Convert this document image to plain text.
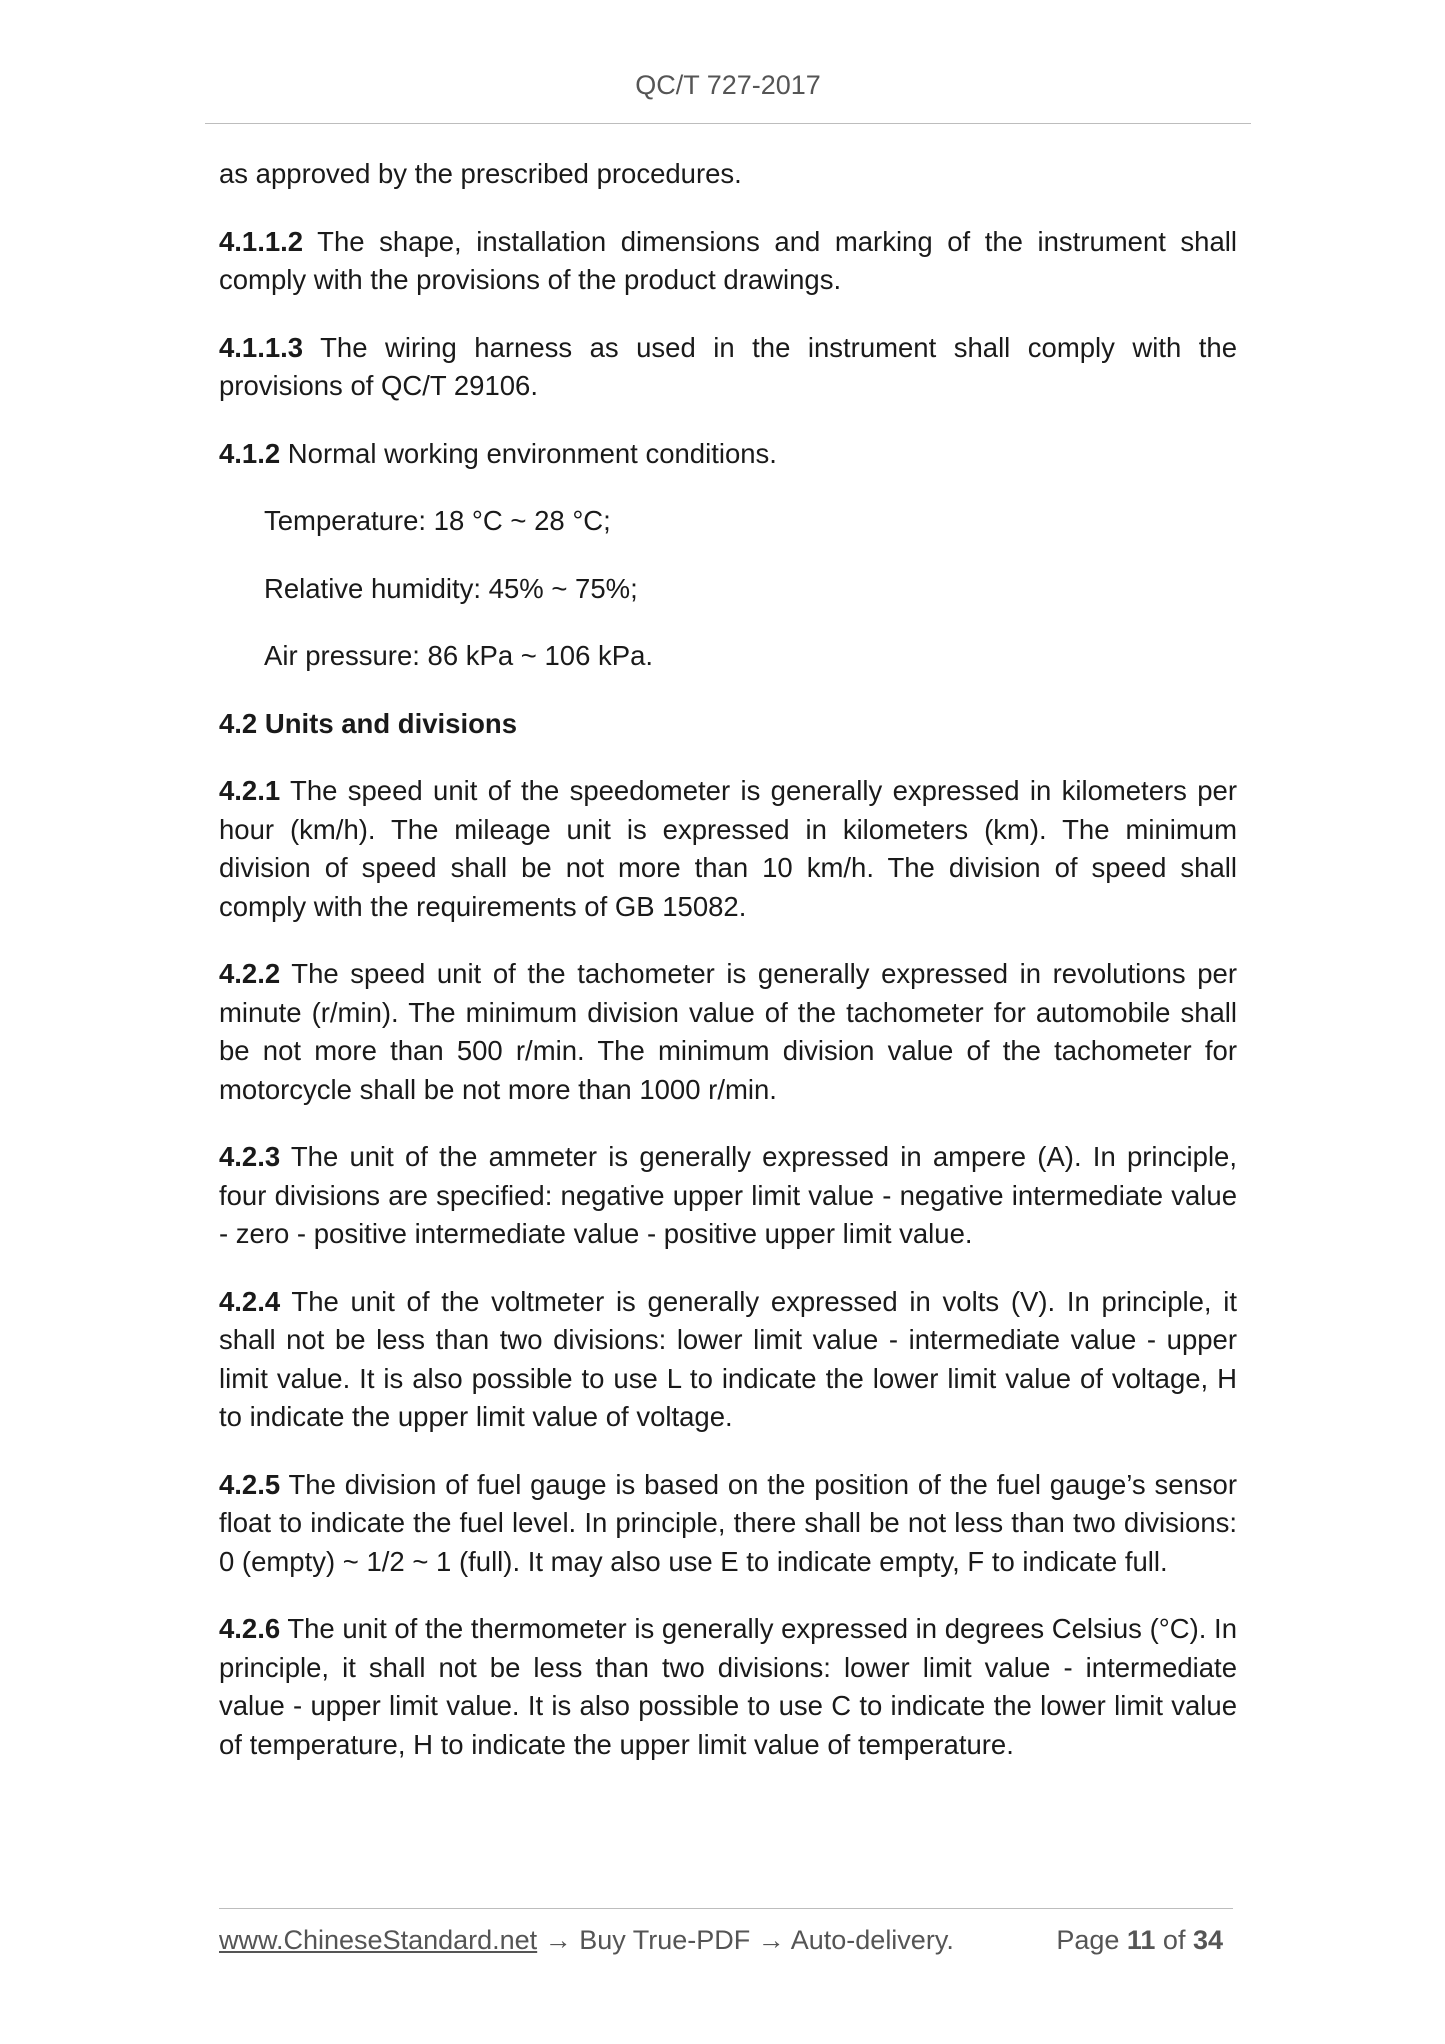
QC/T 727-2017

as approved by the prescribed procedures.

4.1.1.2 The shape, installation dimensions and marking of the instrument shall comply with the provisions of the product drawings.

4.1.1.3 The wiring harness as used in the instrument shall comply with the provisions of QC/T 29106.

4.1.2 Normal working environment conditions.

Temperature: 18 °C ~ 28 °C;

Relative humidity: 45% ~ 75%;

Air pressure: 86 kPa ~ 106 kPa.

4.2 Units and divisions

4.2.1 The speed unit of the speedometer is generally expressed in kilometers per hour (km/h). The mileage unit is expressed in kilometers (km). The minimum division of speed shall be not more than 10 km/h. The division of speed shall comply with the requirements of GB 15082.

4.2.2 The speed unit of the tachometer is generally expressed in revolutions per minute (r/min). The minimum division value of the tachometer for automobile shall be not more than 500 r/min. The minimum division value of the tachometer for motorcycle shall be not more than 1000 r/min.

4.2.3 The unit of the ammeter is generally expressed in ampere (A). In principle, four divisions are specified: negative upper limit value - negative intermediate value - zero - positive intermediate value - positive upper limit value.

4.2.4 The unit of the voltmeter is generally expressed in volts (V). In principle, it shall not be less than two divisions: lower limit value - intermediate value - upper limit value. It is also possible to use L to indicate the lower limit value of voltage, H to indicate the upper limit value of voltage.

4.2.5 The division of fuel gauge is based on the position of the fuel gauge’s sensor float to indicate the fuel level. In principle, there shall be not less than two divisions: 0 (empty) ~ 1/2 ~ 1 (full). It may also use E to indicate empty, F to indicate full.

4.2.6 The unit of the thermometer is generally expressed in degrees Celsius (°C). In principle, it shall not be less than two divisions: lower limit value - intermediate value - upper limit value. It is also possible to use C to indicate the lower limit value of temperature, H to indicate the upper limit value of temperature.

www.ChineseStandard.net → Buy True-PDF → Auto-delivery.	Page 11 of 34
